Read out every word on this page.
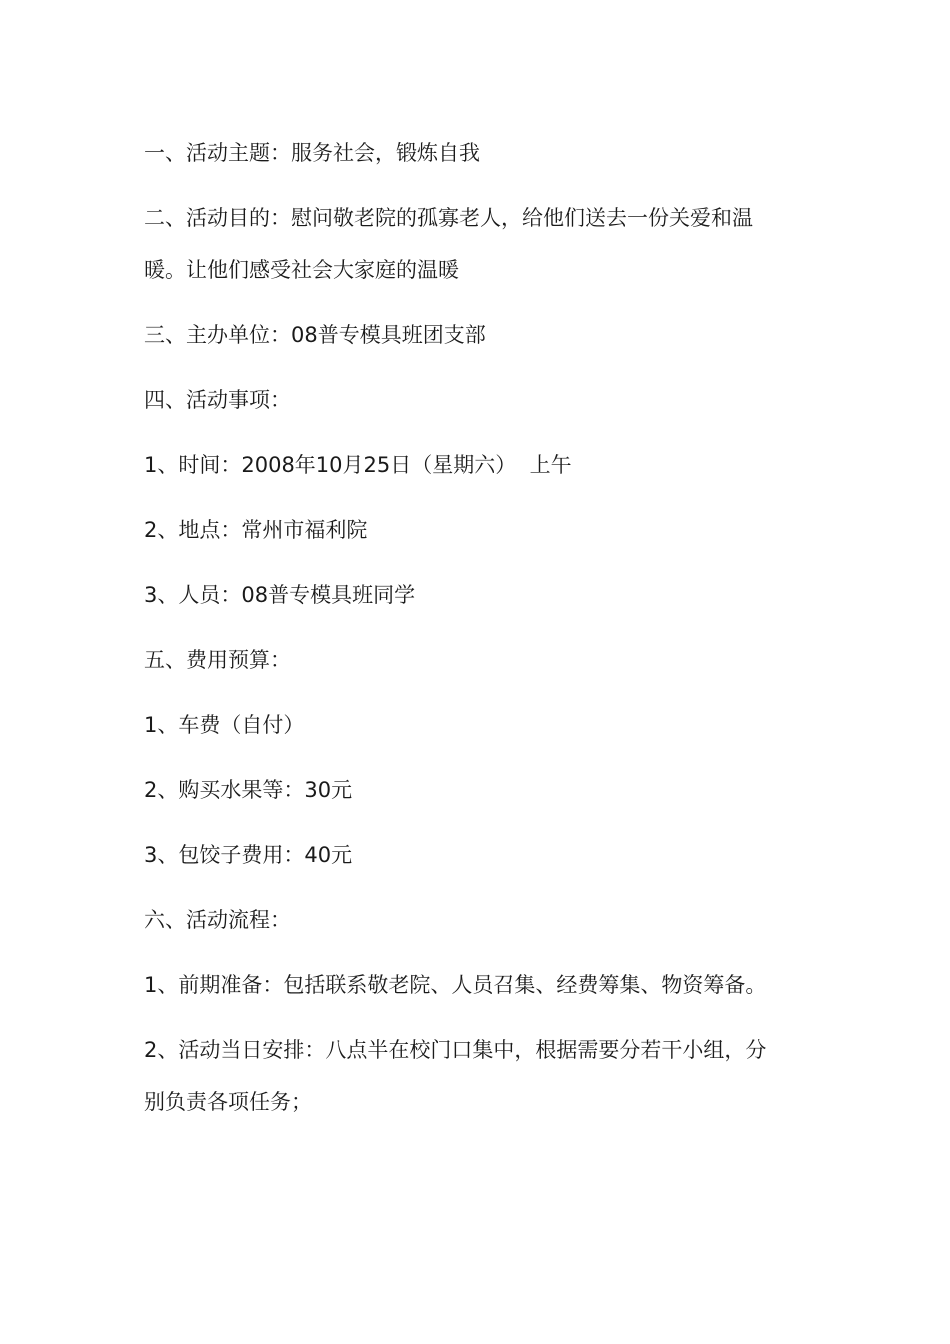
一、活动主题：服务社会，锻炼自我

二、活动目的：慰问敬老院的孤寡老人，给他们送去一份关爱和温

暖。让他们感受社会大家庭的温暖

三、主办单位：08普专模具班团支部

四、活动事项：

1、时间：2008年10月25日（星期六）  上午

2、地点：常州市福利院

3、人员：08普专模具班同学

五、费用预算：

1、车费（自付）

2、购买水果等：30元

3、包饺子费用：40元

六、活动流程：

1、前期准备：包括联系敬老院、人员召集、经费筹集、物资筹备。

2、活动当日安排：八点半在校门口集中，根据需要分若干小组，分

别负责各项任务；
